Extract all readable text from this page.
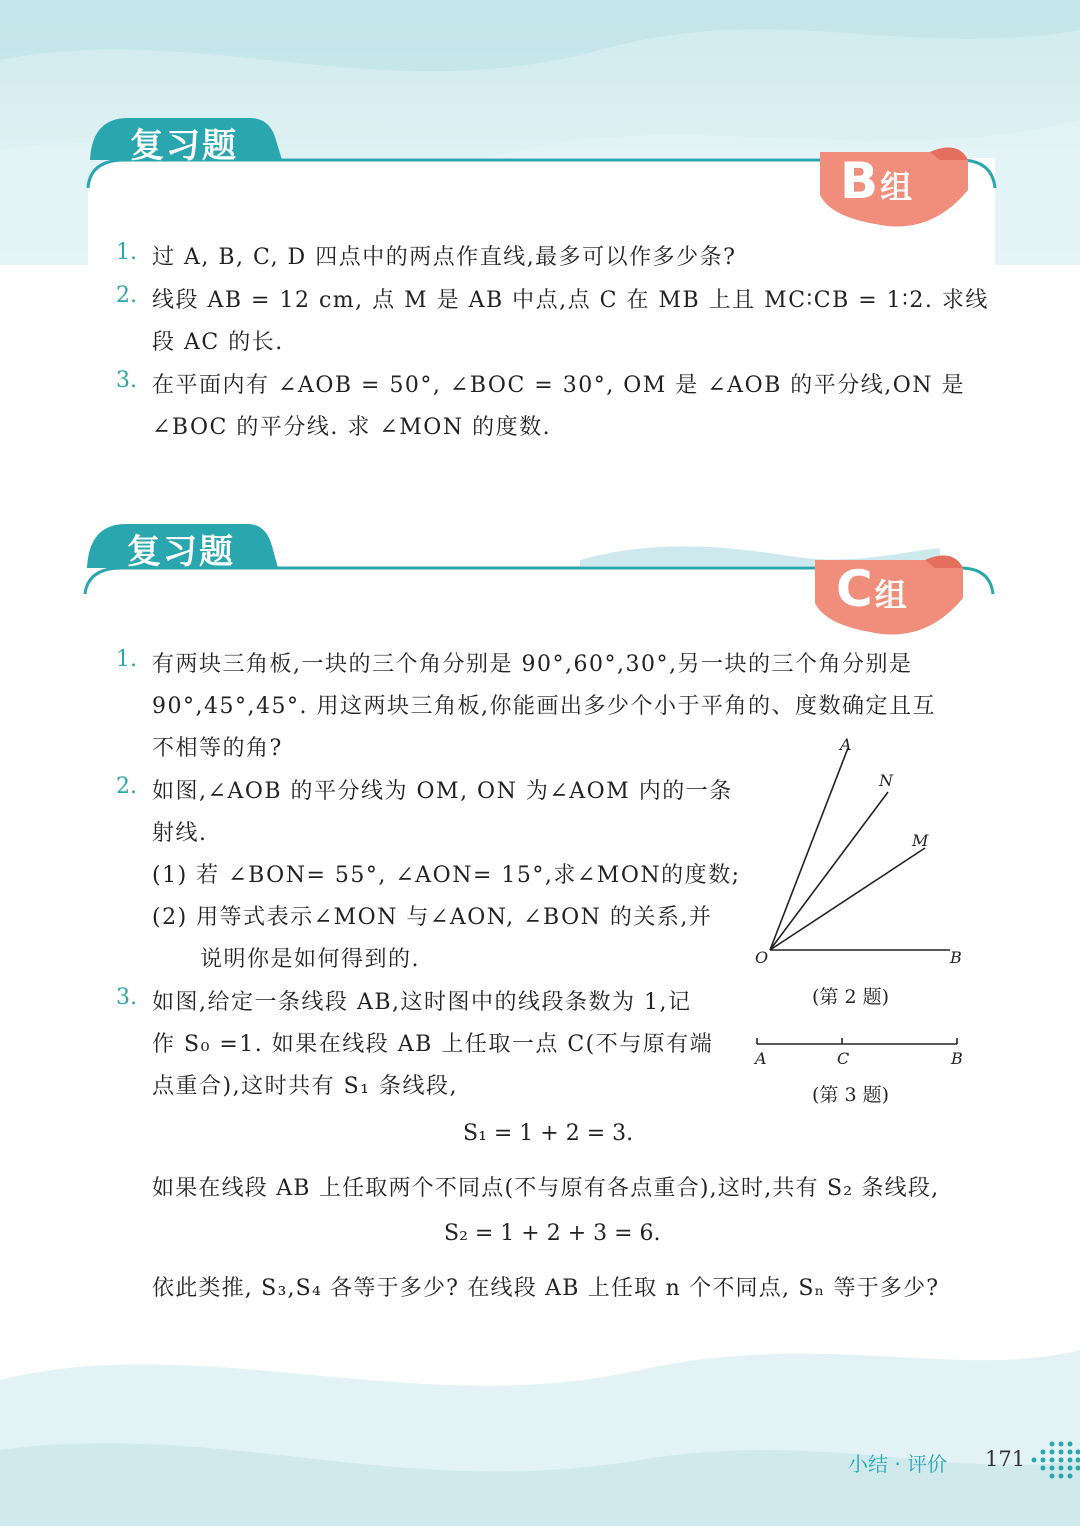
复习题
B组
1. 过 A, B, C, D 四点中的两点作直线,最多可以作多少条?
2. 线段 AB = 12 cm, 点 M 是 AB 中点,点 C 在 MB 上且 MC∶CB = 1∶2. 求线
段 AC 的长.
3. 在平面内有 ∠AOB = 50°, ∠BOC = 30°, OM 是 ∠AOB 的平分线,ON 是
∠BOC 的平分线. 求 ∠MON 的度数.
复习题
C组
1. 有两块三角板,一块的三个角分别是 90°,60°,30°,另一块的三个角分别是
90°,45°,45°. 用这两块三角板,你能画出多少个小于平角的、度数确定且互
不相等的角?
2. 如图,∠AOB 的平分线为 OM, ON 为∠AOM 内的一条
射线.
(1) 若 ∠BON= 55°, ∠AON= 15°,求∠MON的度数;
(2) 用等式表示∠MON 与∠AON, ∠BON 的关系,并
说明你是如何得到的.
A
N
M
O	B
(第 2 题)
3. 如图,给定一条线段 AB,这时图中的线段条数为 1,记
作 S₀ =1. 如果在线段 AB 上任取一点 C(不与原有端
点重合),这时共有 S₁ 条线段,
A	C	B
(第 3 题)
S₁ = 1 + 2 = 3.
如果在线段 AB 上任取两个不同点(不与原有各点重合),这时,共有 S₂ 条线段,
S₂ = 1 + 2 + 3 = 6.
依此类推, S₃,S₄ 各等于多少? 在线段 AB 上任取 n 个不同点, Sₙ 等于多少?
小结 · 评价 171
